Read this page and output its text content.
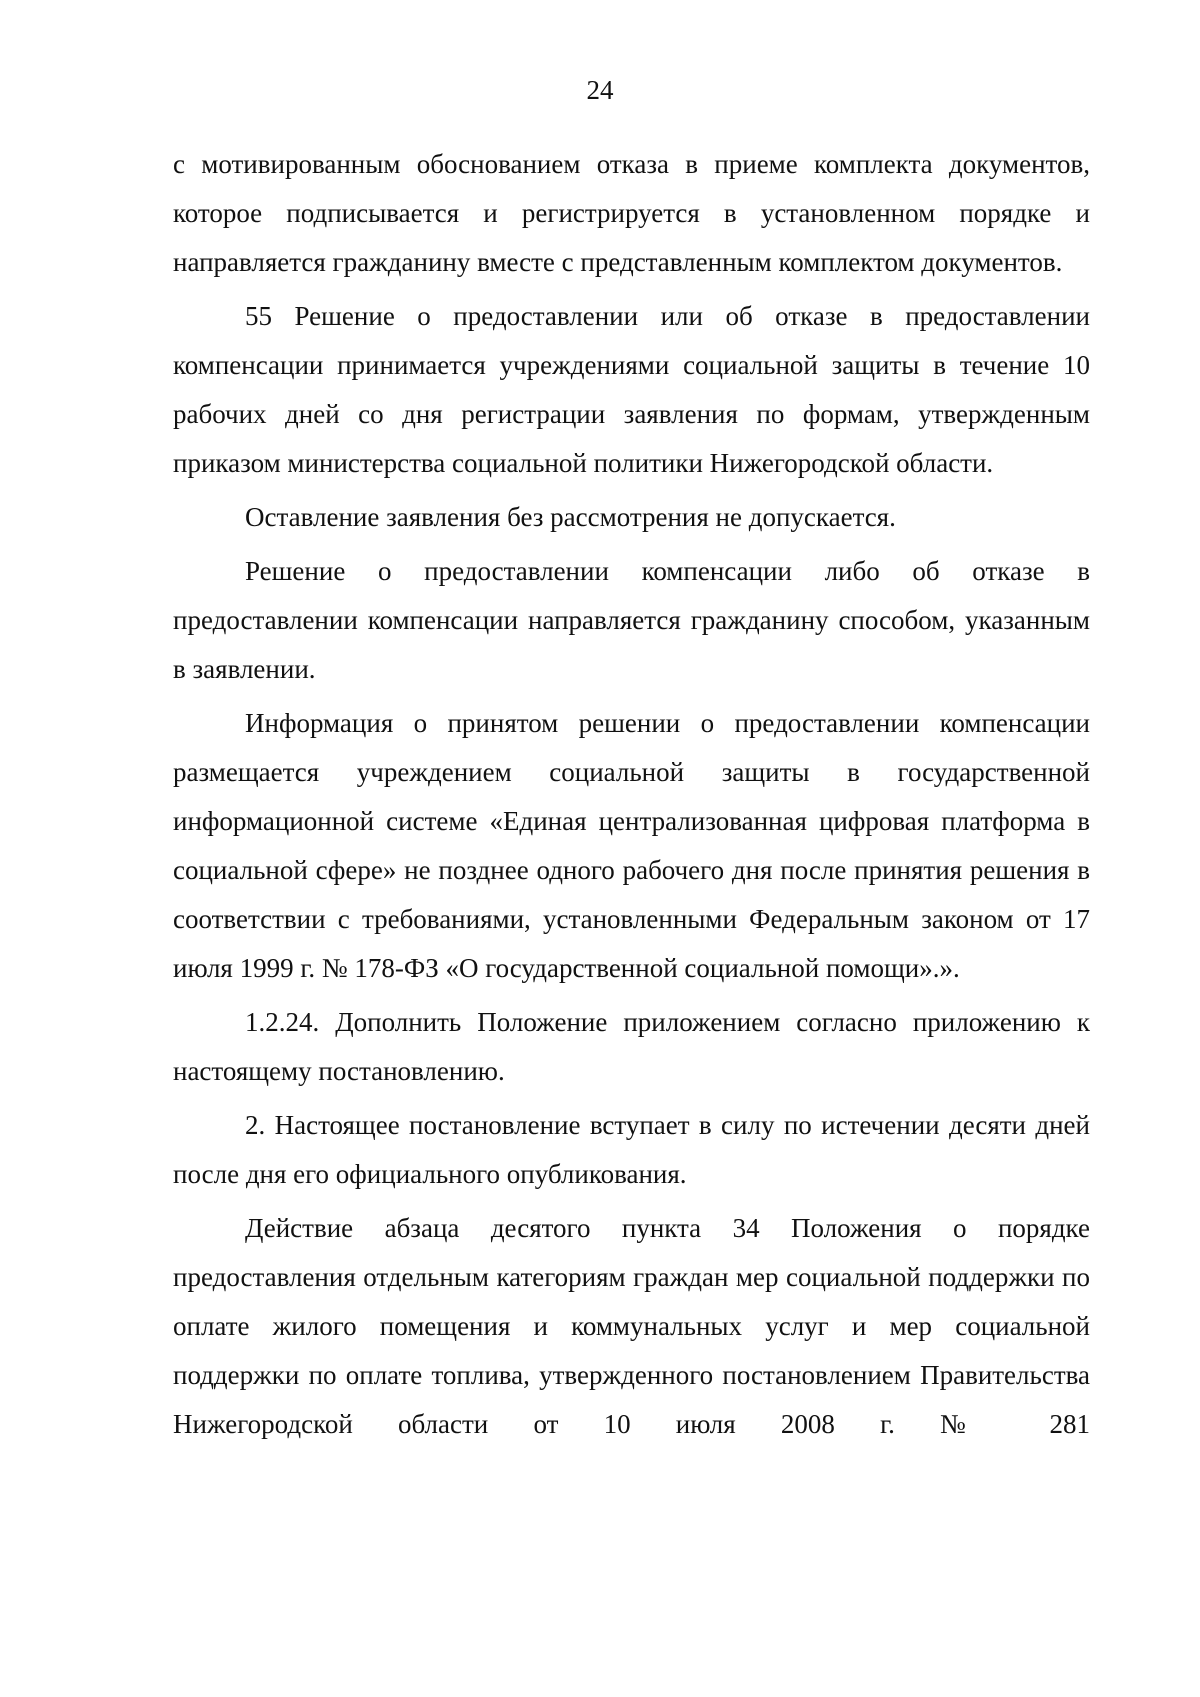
24

с мотивированным обоснованием отказа в приеме комплекта документов, которое подписывается и регистрируется в установленном порядке и направляется гражданину вместе с представленным комплектом документов.

55 Решение о предоставлении или об отказе в предоставлении компенсации принимается учреждениями социальной защиты в течение 10 рабочих дней со дня регистрации заявления по формам, утвержденным приказом министерства социальной политики Нижегородской области.

Оставление заявления без рассмотрения не допускается.

Решение о предоставлении компенсации либо об отказе в предоставлении компенсации направляется гражданину способом, указанным в заявлении.

Информация о принятом решении о предоставлении компенсации размещается учреждением социальной защиты в государственной информационной системе «Единая централизованная цифровая платформа в социальной сфере» не позднее одного рабочего дня после принятия решения в соответствии с требованиями, установленными Федеральным законом от 17 июля 1999 г. № 178-ФЗ «О государственной социальной помощи».».

1.2.24. Дополнить Положение приложением согласно приложению к настоящему постановлению.

2. Настоящее постановление вступает в силу по истечении десяти дней после дня его официального опубликования.

Действие абзаца десятого пункта 34 Положения о порядке предоставления отдельным категориям граждан мер социальной поддержки по оплате жилого помещения и коммунальных услуг и мер социальной поддержки по оплате топлива, утвержденного постановлением Правительства Нижегородской области от 10 июля 2008 г. № 281
